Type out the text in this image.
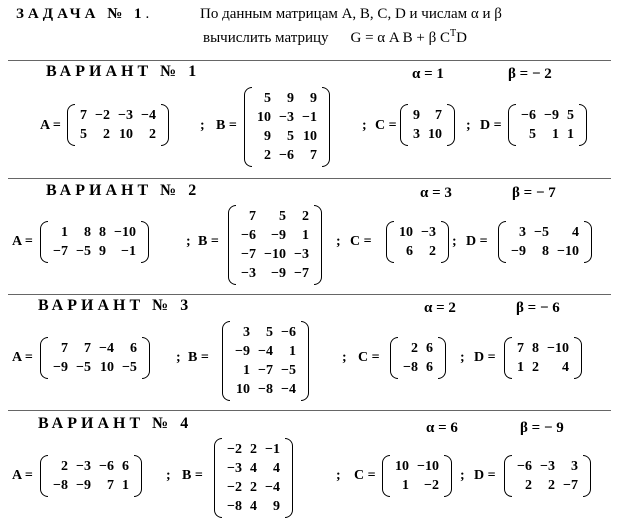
ЗАДАЧА № 1.	По данным матрицам A, B, C, D и числам α и β
вычислить матрицу G = α A B + β $C^TD$
ВАРИАНТ № 1	α = 1	β = − 2
A =
7	−2	−3	−4
5	2	10	2
; B =
5	9	9
10	−3	−1
9	5	10
2	−6	7
; C =
9	7
3	10
; D =
−6	−9	5
5	1	1
ВАРИАНТ № 2	α = 3	β = − 7
A =
1	8	8	−10
−7	−5	9	−1
; B =
7	5	2
−6	−9	1
−7	−10	−3
−3	−9	−7
; C =
10	−3
6	2
; D =
3	−5	4
−9	8	−10
ВАРИАНТ № 3	α = 2	β = − 6
A =
7	7	−4	6
−9	−5	10	−5
; B =
3	5	−6
−9	−4	1
1	−7	−5
10	−8	−4
; C =
2	6
−8	6
; D =
7	8	−10
1	2	4
ВАРИАНТ № 4	α = 6	β = − 9
A =
2	−3	−6	6
−8	−9	7	1
; B =
−2	2	−1
−3	4	4
−2	2	−4
−8	4	9
; C =
10	−10
1	−2
; D =
−6	−3	3
2	2	−7
